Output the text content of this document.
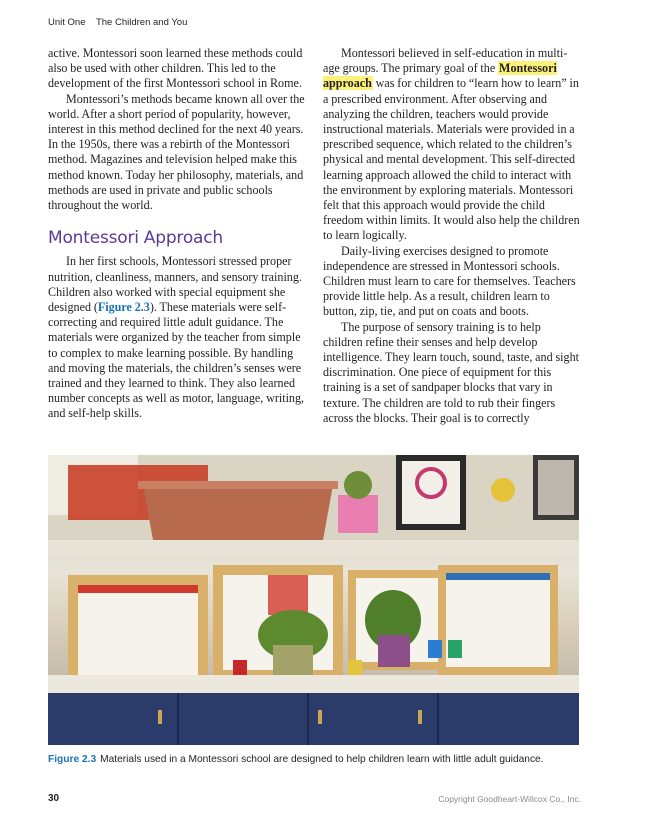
Unit One The Children and You

active. Montessori soon learned these methods could also be used with other children. This led to the development of the first Montessori school in Rome.

Montessori’s methods became known all over the world. After a short period of popularity, however, interest in this method declined for the next 40 years. In the 1950s, there was a rebirth of the Montessori method. Magazines and television helped make this method known. Today her philosophy, materials, and methods are used in private and public schools throughout the world.

Montessori Approach

In her first schools, Montessori stressed proper nutrition, cleanliness, manners, and sensory training. Children also worked with special equipment she designed (Figure 2.3). These materials were self-correcting and required little adult guidance. The materials were organized by the teacher from simple to complex to make learning possible. By handling and moving the materials, the children’s senses were trained and they learned to think. They also learned number concepts as well as motor, language, writing, and self-help skills.

Montessori believed in self-education in multi-age groups. The primary goal of the Montessori approach was for children to “learn how to learn” in a prescribed environment. After observing and analyzing the children, teachers would provide instructional materials. Materials were provided in a prescribed sequence, which related to the children’s physical and mental development. This self-directed learning approach allowed the child to interact with the environment by exploring materials. Montessori felt that this approach would provide the child freedom within limits. It would also help the children to learn logically.

Daily-living exercises designed to promote independence are stressed in Montessori schools. Children must learn to care for themselves. Teachers provide little help. As a result, children learn to button, zip, tie, and put on coats and boots.

The purpose of sensory training is to help children refine their senses and help develop intelligence. They learn touch, sound, taste, and sight discrimination. One piece of equipment for this training is a set of sandpaper blocks that vary in texture. The children are told to rub their fingers across the blocks. Their goal is to correctly

Figure 2.3 Materials used in a Montessori school are designed to help children learn with little adult guidance.
30	Copyright Goodheart-Willcox Co., Inc.
